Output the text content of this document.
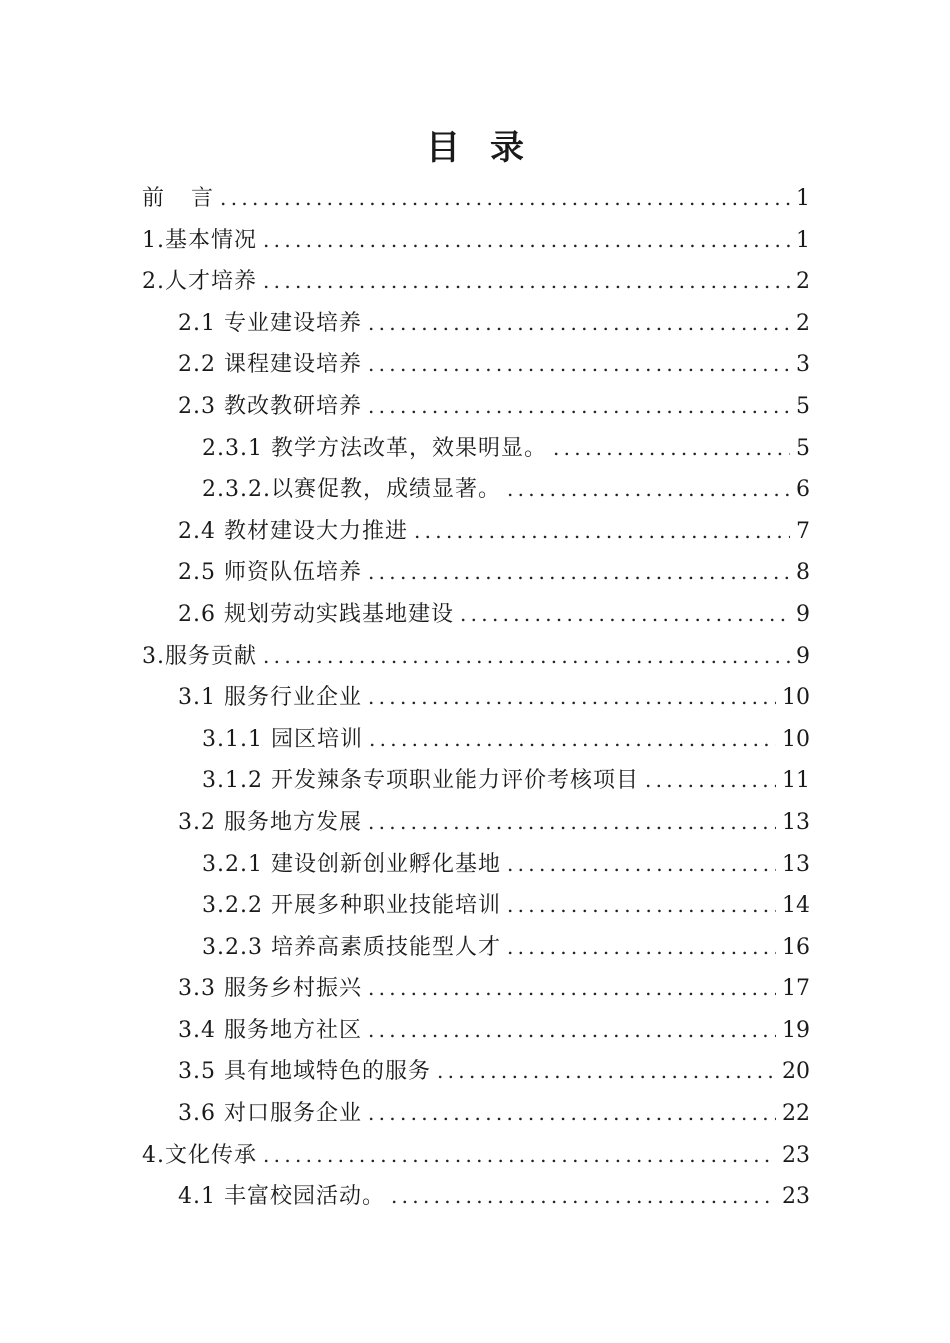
目 录
前 言 .....	1
1.基本情况 .....	1
2.人才培养 .....	2
2.1 专业建设培养 .....	2
2.2 课程建设培养 .....	3
2.3 教改教研培养 .....	5
2.3.1 教学方法改革，效果明显。 .....	5
2.3.2.以赛促教，成绩显著。 .....	6
2.4 教材建设大力推进 .....	7
2.5 师资队伍培养 .....	8
2.6 规划劳动实践基地建设 .....	9
3.服务贡献 .....	9
3.1 服务行业企业 .....	10
3.1.1 园区培训 .....	10
3.1.2 开发辣条专项职业能力评价考核项目 .....	11
3.2 服务地方发展 .....	13
3.2.1 建设创新创业孵化基地 .....	13
3.2.2 开展多种职业技能培训 .....	14
3.2.3 培养高素质技能型人才 .....	16
3.3 服务乡村振兴 .....	17
3.4 服务地方社区 .....	19
3.5 具有地域特色的服务 .....	20
3.6 对口服务企业 .....	22
4.文化传承 .....	23
4.1 丰富校园活动。 .....	23
